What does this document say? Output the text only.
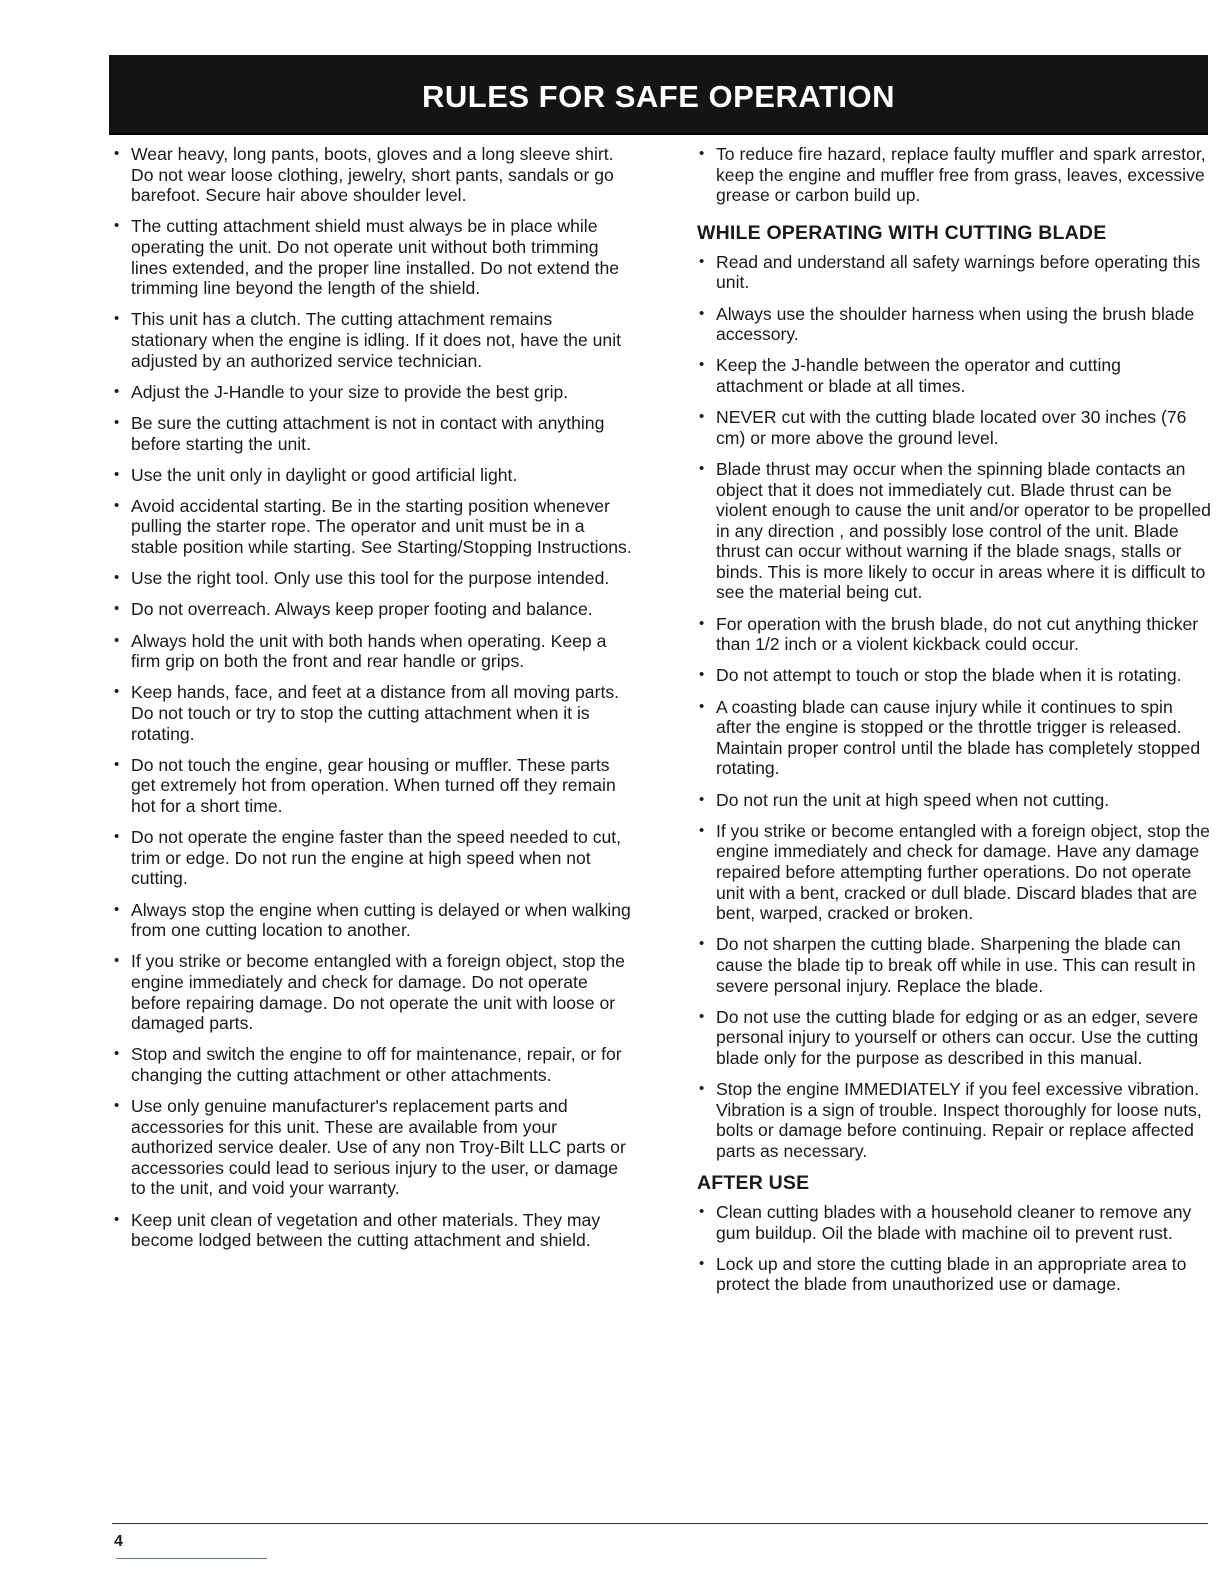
RULES FOR SAFE OPERATION
• Wear heavy, long pants, boots, gloves and a long sleeve shirt. Do not wear loose clothing, jewelry, short pants, sandals or go barefoot. Secure hair above shoulder level.
• The cutting attachment shield must always be in place while operating the unit. Do not operate unit without both trimming lines extended, and the proper line installed. Do not extend the trimming line beyond the length of the shield.
• This unit has a clutch. The cutting attachment remains stationary when the engine is idling. If it does not, have the unit adjusted by an authorized service technician.
• Adjust the J-Handle to your size to provide the best grip.
• Be sure the cutting attachment is not in contact with anything before starting the unit.
• Use the unit only in daylight or good artificial light.
• Avoid accidental starting. Be in the starting position whenever pulling the starter rope. The operator and unit must be in a stable position while starting. See Starting/Stopping Instructions.
• Use the right tool. Only use this tool for the purpose intended.
• Do not overreach. Always keep proper footing and balance.
• Always hold the unit with both hands when operating. Keep a firm grip on both the front and rear handle or grips.
• Keep hands, face, and feet at a distance from all moving parts. Do not touch or try to stop the cutting attachment when it is rotating.
• Do not touch the engine, gear housing or muffler. These parts get extremely hot from operation. When turned off they remain hot for a short time.
• Do not operate the engine faster than the speed needed to cut, trim or edge. Do not run the engine at high speed when not cutting.
• Always stop the engine when cutting is delayed or when walking from one cutting location to another.
• If you strike or become entangled with a foreign object, stop the engine immediately and check for damage. Do not operate before repairing damage. Do not operate the unit with loose or damaged parts.
• Stop and switch the engine to off for maintenance, repair, or for changing the cutting attachment or other attachments.
• Use only genuine manufacturer's replacement parts and accessories for this unit. These are available from your authorized service dealer. Use of any non Troy-Bilt LLC parts or accessories could lead to serious injury to the user, or damage to the unit, and void your warranty.
• Keep unit clean of vegetation and other materials. They may become lodged between the cutting attachment and shield.
• To reduce fire hazard, replace faulty muffler and spark arrestor, keep the engine and muffler free from grass, leaves, excessive grease or carbon build up.
WHILE OPERATING WITH CUTTING BLADE
• Read and understand all safety warnings before operating this unit.
• Always use the shoulder harness when using the brush blade accessory.
• Keep the J-handle between the operator and cutting attachment or blade at all times.
• NEVER cut with the cutting blade located over 30 inches (76 cm) or more above the ground level.
• Blade thrust may occur when the spinning blade contacts an object that it does not immediately cut. Blade thrust can be violent enough to cause the unit and/or operator to be propelled in any direction , and possibly lose control of the unit. Blade thrust can occur without warning if the blade snags, stalls or binds. This is more likely to occur in areas where it is difficult to see the material being cut.
• For operation with the brush blade, do not cut anything thicker than 1/2 inch or a violent kickback could occur.
• Do not attempt to touch or stop the blade when it is rotating.
• A coasting blade can cause injury while it continues to spin after the engine is stopped or the throttle trigger is released. Maintain proper control until the blade has completely stopped rotating.
• Do not run the unit at high speed when not cutting.
• If you strike or become entangled with a foreign object, stop the engine immediately and check for damage. Have any damage repaired before attempting further operations. Do not operate unit with a bent, cracked or dull blade. Discard blades that are bent, warped, cracked or broken.
• Do not sharpen the cutting blade. Sharpening the blade can cause the blade tip to break off while in use. This can result in severe personal injury. Replace the blade.
• Do not use the cutting blade for edging or as an edger, severe personal injury to yourself or others can occur. Use the cutting blade only for the purpose as described in this manual.
• Stop the engine IMMEDIATELY if you feel excessive vibration. Vibration is a sign of trouble. Inspect thoroughly for loose nuts, bolts or damage before continuing. Repair or replace affected parts as necessary.
AFTER USE
• Clean cutting blades with a household cleaner to remove any gum buildup. Oil the blade with machine oil to prevent rust.
• Lock up and store the cutting blade in an appropriate area to protect the blade from unauthorized use or damage.
4
